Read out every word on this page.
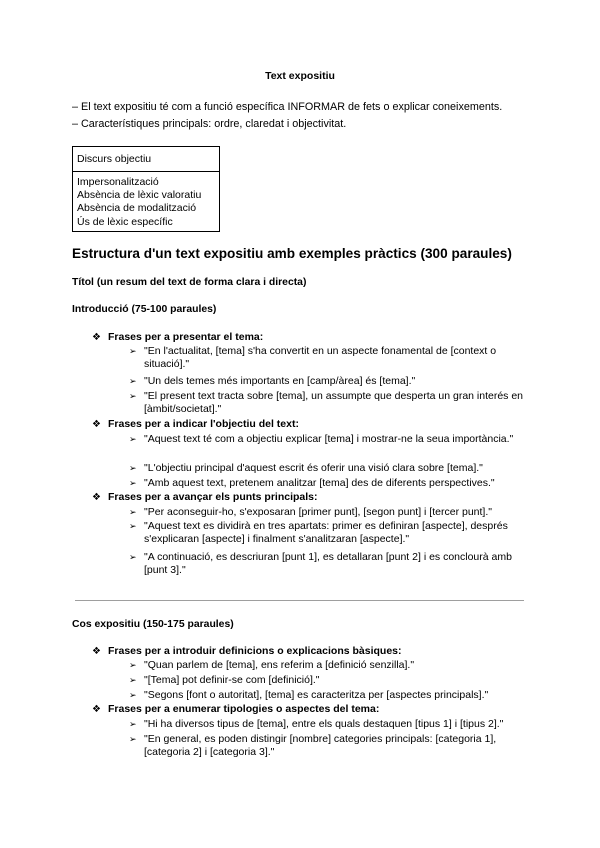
Text expositiu
– El text expositiu té com a funció específica INFORMAR de fets o explicar coneixements.
– Característiques principals: ordre, claredat i objectivitat.
Discurs objectiu
Impersonalització
Absència de lèxic valoratiu
Absència de modalització
Ús de lèxic específic
Estructura d'un text expositiu amb exemples pràctics (300 paraules)
Títol (un resum del text de forma clara i directa)
Introducció (75-100 paraules)
❖ Frases per a presentar el tema:
➢ "En l'actualitat, [tema] s'ha convertit en un aspecte fonamental de [context o situació]."
➢ "Un dels temes més importants en [camp/àrea] és [tema]."
➢ "El present text tracta sobre [tema], un assumpte que desperta un gran interés en [àmbit/societat]."
❖ Frases per a indicar l'objectiu del text:
➢ "Aquest text té com a objectiu explicar [tema] i mostrar-ne la seua importància."
➢ "L'objectiu principal d'aquest escrit és oferir una visió clara sobre [tema]."
➢ "Amb aquest text, pretenem analitzar [tema] des de diferents perspectives."
❖ Frases per a avançar els punts principals:
➢ "Per aconseguir-ho, s'exposaran [primer punt], [segon punt] i [tercer punt]."
➢ "Aquest text es dividirà en tres apartats: primer es definiran [aspecte], després s'explicaran [aspecte] i finalment s'analitzaran [aspecte]."
➢ "A continuació, es descriuran [punt 1], es detallaran [punt 2] i es conclourà amb [punt 3]."
Cos expositiu (150-175 paraules)
❖ Frases per a introduir definicions o explicacions bàsiques:
➢ "Quan parlem de [tema], ens referim a [definició senzilla]."
➢ "[Tema] pot definir-se com [definició]."
➢ "Segons [font o autoritat], [tema] es caracteritza per [aspectes principals]."
❖ Frases per a enumerar tipologies o aspectes del tema:
➢ "Hi ha diversos tipus de [tema], entre els quals destaquen [tipus 1] i [tipus 2]."
➢ "En general, es poden distingir [nombre] categories principals: [categoria 1], [categoria 2] i [categoria 3]."
